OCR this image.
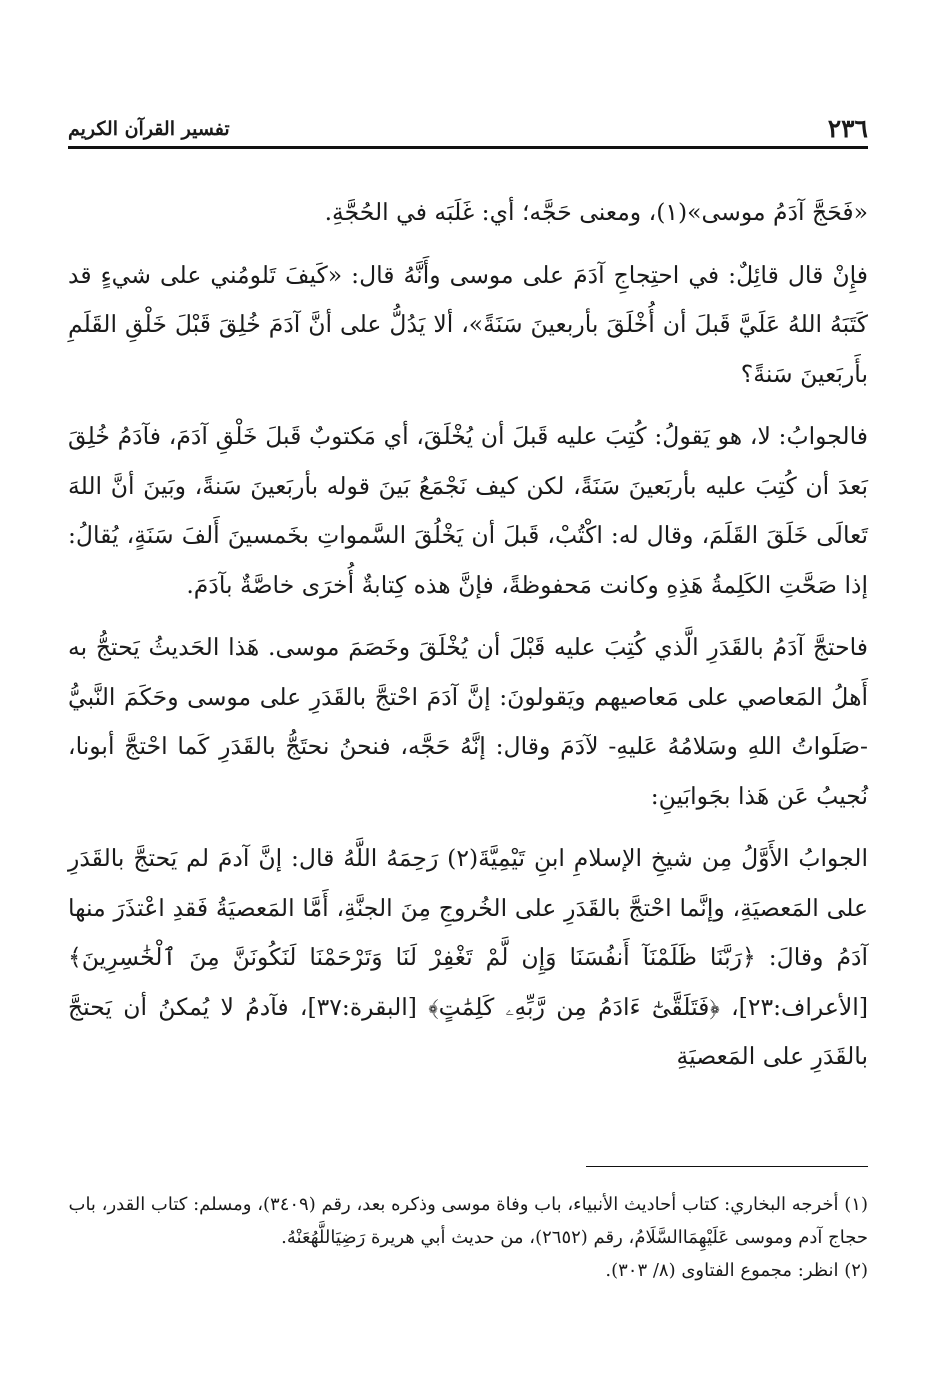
٢٣٦
تفسير القرآن الكريم

«فَحَجَّ آدَمُ موسى»(١)، ومعنى حَجَّه؛ أي: غَلَبَه في الحُجَّةِ.

فإِنْ قال قائِلٌ: في احتِجاجِ آدَمَ على موسى وأَنَّهُ قال: «كَيفَ تَلومُني على شيءٍ قد كَتَبَهُ اللهُ عَلَيَّ قَبلَ أن أُخْلَقَ بأربعينَ سَنَةً»، ألا يَدُلُّ على أنَّ آدَمَ خُلِقَ قَبْلَ خَلْقِ القَلَمِ بأَربَعينَ سَنةً؟

فالجوابُ: لا، هو يَقولُ: كُتِبَ عليه قَبلَ أن يُخْلَقَ، أي مَكتوبٌ قَبلَ خَلْقِ آدَمَ، فآدَمُ خُلِقَ بَعدَ أن كُتِبَ عليه بأربَعينَ سَنَةً، لكن كيف نَجْمَعُ بَينَ قوله بأربَعينَ سَنةً، وبَينَ أنَّ اللهَ تَعالَى خَلَقَ القَلَمَ، وقال له: اكْتُبْ، قَبلَ أن يَخْلُقَ السَّمواتِ بخَمسينَ أَلفَ سَنَةٍ، يُقالُ: إذا صَحَّتِ الكَلِمةُ هَذِهِ وكانت مَحفوظةً، فإنَّ هذه كِتابةٌ أُخرَى خاصَّةٌ بآدَمَ.

فاحتجَّ آدَمُ بالقَدَرِ الَّذي كُتِبَ عليه قَبْلَ أن يُخْلَقَ وخَصَمَ موسى. هَذا الحَديثُ يَحتجُّ به أَهلُ المَعاصي على مَعاصيهم ويَقولونَ: إنَّ آدَمَ احْتجَّ بالقَدَرِ على موسى وحَكَمَ النَّبيُّ -صَلَواتُ اللهِ وسَلامُهُ عَليهِ- لآدَمَ وقال: إنَّهُ حَجَّه، فنحنُ نحتَجُّ بالقَدَرِ كَما احْتجَّ أبونا، نُجيبُ عَن هَذا بجَوابَينِ:

الجوابُ الأَوَّلُ مِن شيخِ الإسلامِ ابنِ تَيْمِيَّةَ(٢) رَحِمَهُ اللَّهُ قال: إنَّ آدمَ لم يَحتجَّ بالقَدَرِ على المَعصيَةِ، وإنَّما احْتجَّ بالقَدَرِ على الخُروجِ مِنَ الجنَّةِ، أَمَّا المَعصيَةُ فَقدِ اعْتذَرَ منها آدَمُ وقالَ: ﴿رَبَّنَا ظَلَمْنَآ أَنفُسَنَا وَإِن لَّمْ تَغْفِرْ لَنَا وَتَرْحَمْنَا لَنَكُونَنَّ مِنَ ٱلْخَٰسِرِينَ﴾ [الأعراف:٢٣]، ﴿فَتَلَقَّىٰٓ ءَادَمُ مِن رَّبِّهِۦ كَلِمَٰتٍ﴾ [البقرة:٣٧]، فآدمُ لا يُمكنُ أن يَحتجَّ بالقَدَرِ على المَعصيَةِ

(١) أخرجه البخاري: كتاب أحاديث الأنبياء، باب وفاة موسى وذكره بعد، رقم (٣٤٠٩)، ومسلم: كتاب القدر، باب حجاج آدم وموسى عَلَيْهِمَاالسَّلَامُ، رقم (٢٦٥٢)، من حديث أبي هريرة رَضِيَاللَّهُعَنْهُ.

(٢) انظر: مجموع الفتاوى (٨/ ٣٠٣).
